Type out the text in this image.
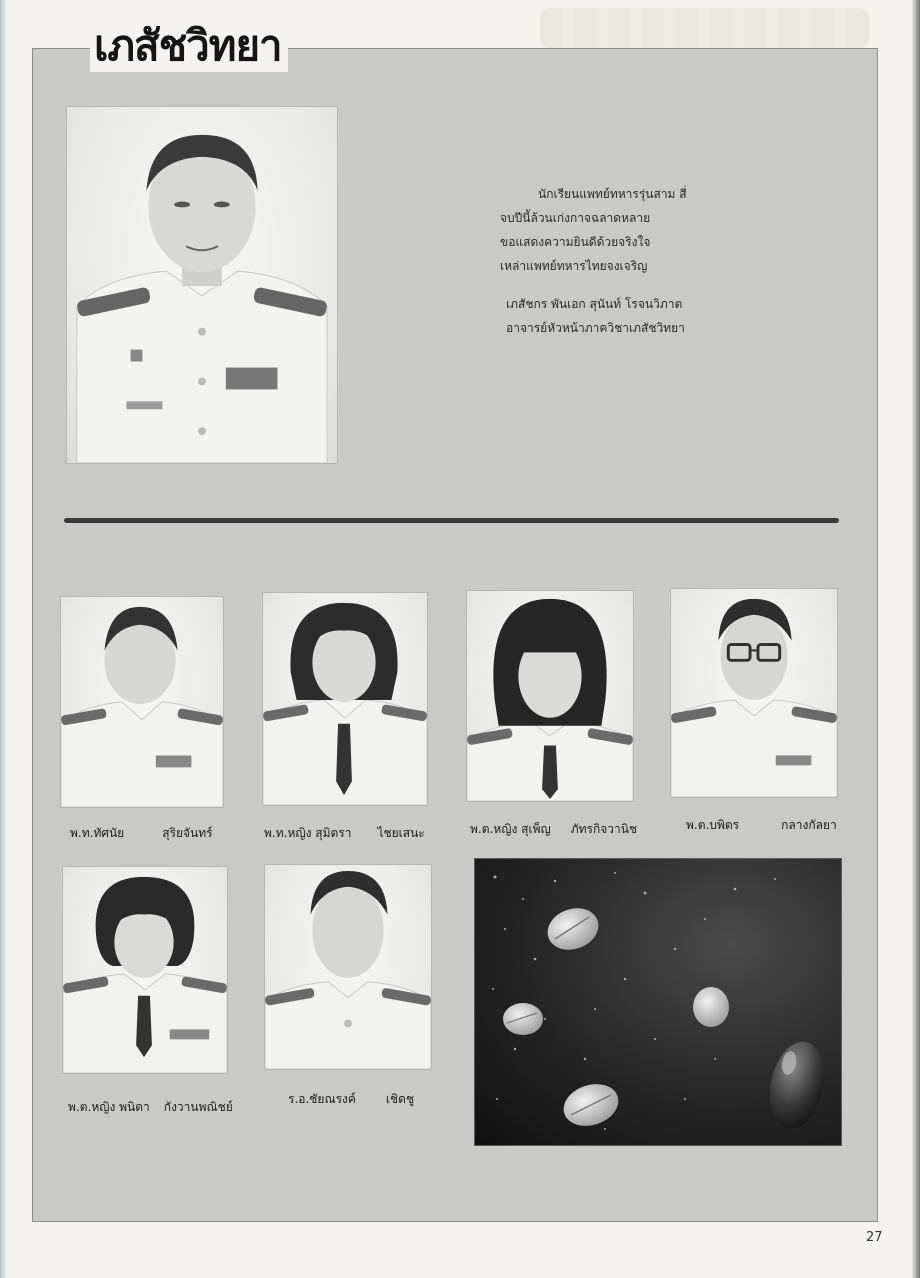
เภสัชวิทยา
นักเรียนแพทย์ทหารรุ่นสาม สี่
จบปีนี้ล้วนเก่งกาจฉลาดหลาย
ขอแสดงความยินดีด้วยจริงใจ
เหล่าแพทย์ทหารไทยจงเจริญ
เภสัชกร พันเอก สุนันท์ โรจนวิภาต
อาจารย์หัวหน้าภาควิชาเภสัชวิทยา
พ.ท.ทัศนัย	สุริยจันทร์	พ.ท.หญิง สุมิตรา ไชยเสนะ	พ.ต.หญิง สุเพ็ญ ภัทรกิจวานิช	พ.ต.บพิตร	กลางกัลยา
พ.ต.หญิง พนิดา กังวานพณิชย์
ร.อ.ชัยณรงค์	เชิดชู
27
